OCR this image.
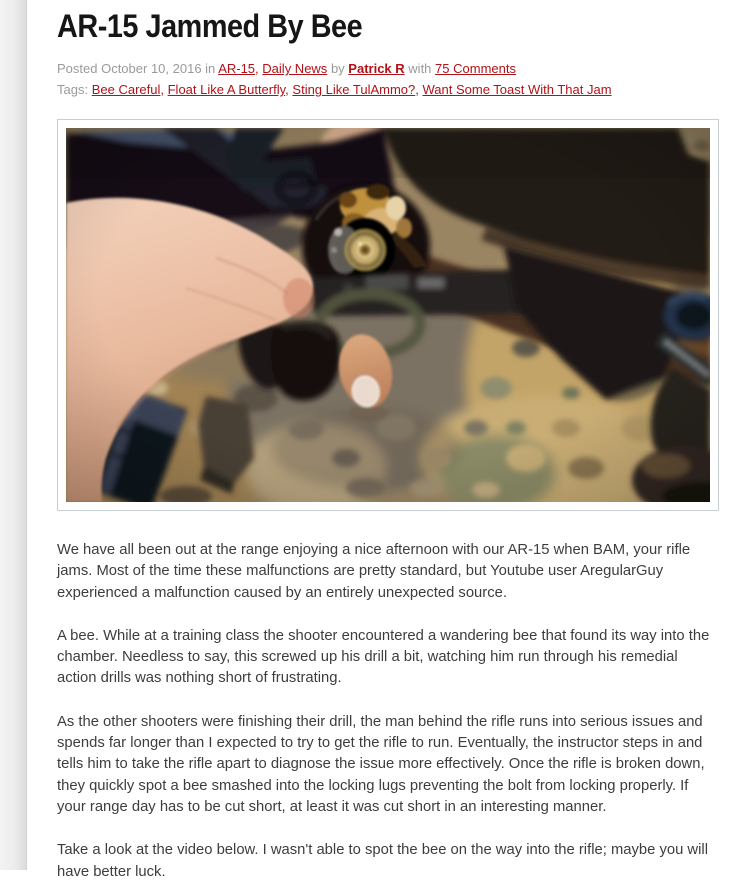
AR-15 Jammed By Bee
Posted October 10, 2016 in AR-15, Daily News by Patrick R with 75 Comments
Tags: Bee Careful, Float Like A Butterfly, Sting Like TulAmmo?, Want Some Toast With That Jam

We have all been out at the range enjoying a nice afternoon with our AR-15 when BAM, your rifle jams. Most of the time these malfunctions are pretty standard, but Youtube user AregularGuy experienced a malfunction caused by an entirely unexpected source.

A bee. While at a training class the shooter encountered a wandering bee that found its way into the chamber. Needless to say, this screwed up his drill a bit, watching him run through his remedial action drills was nothing short of frustrating.

As the other shooters were finishing their drill, the man behind the rifle runs into serious issues and spends far longer than I expected to try to get the rifle to run. Eventually, the instructor steps in and tells him to take the rifle apart to diagnose the issue more effectively. Once the rifle is broken down, they quickly spot a bee smashed into the locking lugs preventing the bolt from locking properly. If your range day has to be cut short, at least it was cut short in an interesting manner.

Take a look at the video below. I wasn't able to spot the bee on the way into the rifle; maybe you will have better luck.
